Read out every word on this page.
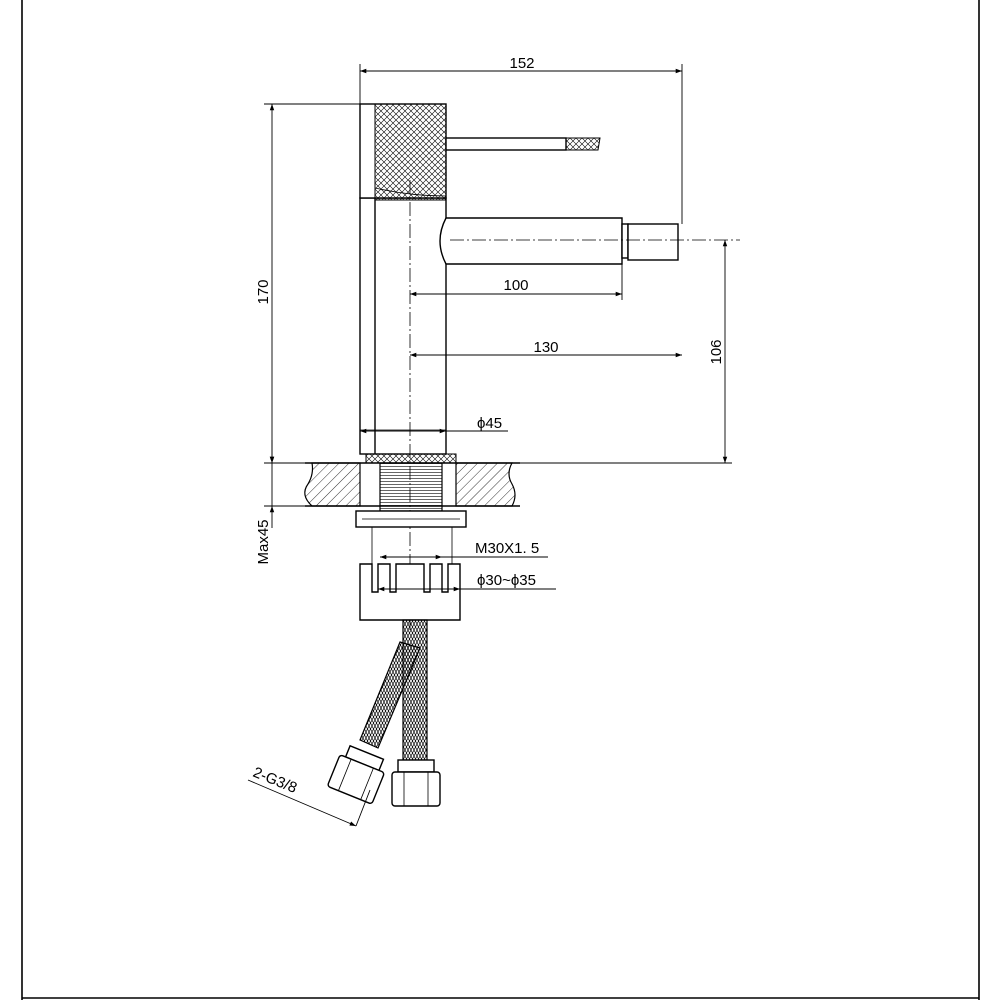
152
170	100
130	106
ϕ45
Max45	M30X1. 5
ϕ30~ϕ35
2-G3/8
